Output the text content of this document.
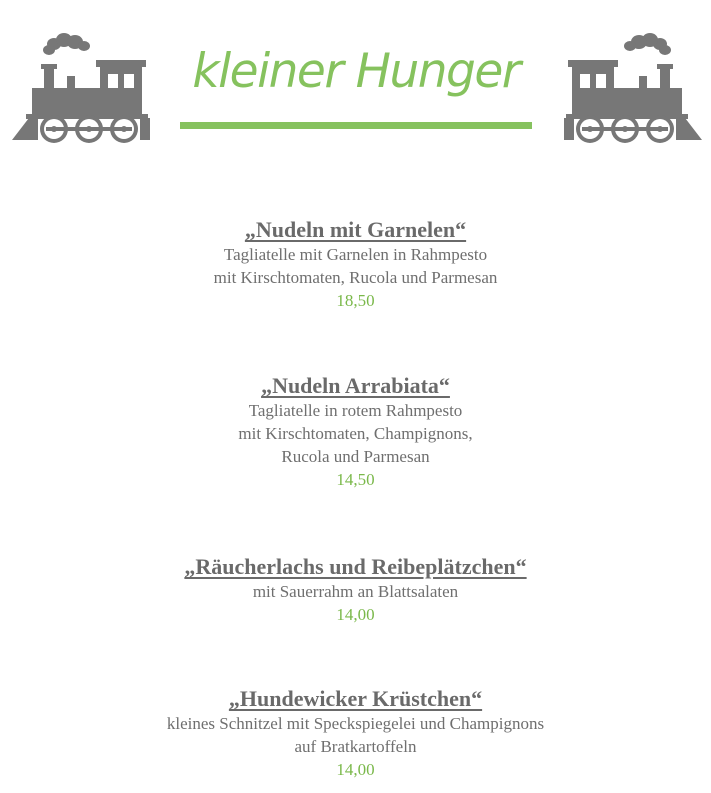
kleiner Hunger
„Nudeln mit Garnelen“
Tagliatelle mit Garnelen in Rahmpesto
mit Kirschtomaten, Rucola und Parmesan
18,50
„Nudeln Arrabiata“
Tagliatelle in rotem Rahmpesto
mit Kirschtomaten, Champignons,
Rucola und Parmesan
14,50
„Räucherlachs und Reibeplätzchen“
mit Sauerrahm an Blattsalaten
14,00
„Hundewicker Krüstchen“
kleines Schnitzel mit Speckspiegelei und Champignons
auf Bratkartoffeln
14,00
